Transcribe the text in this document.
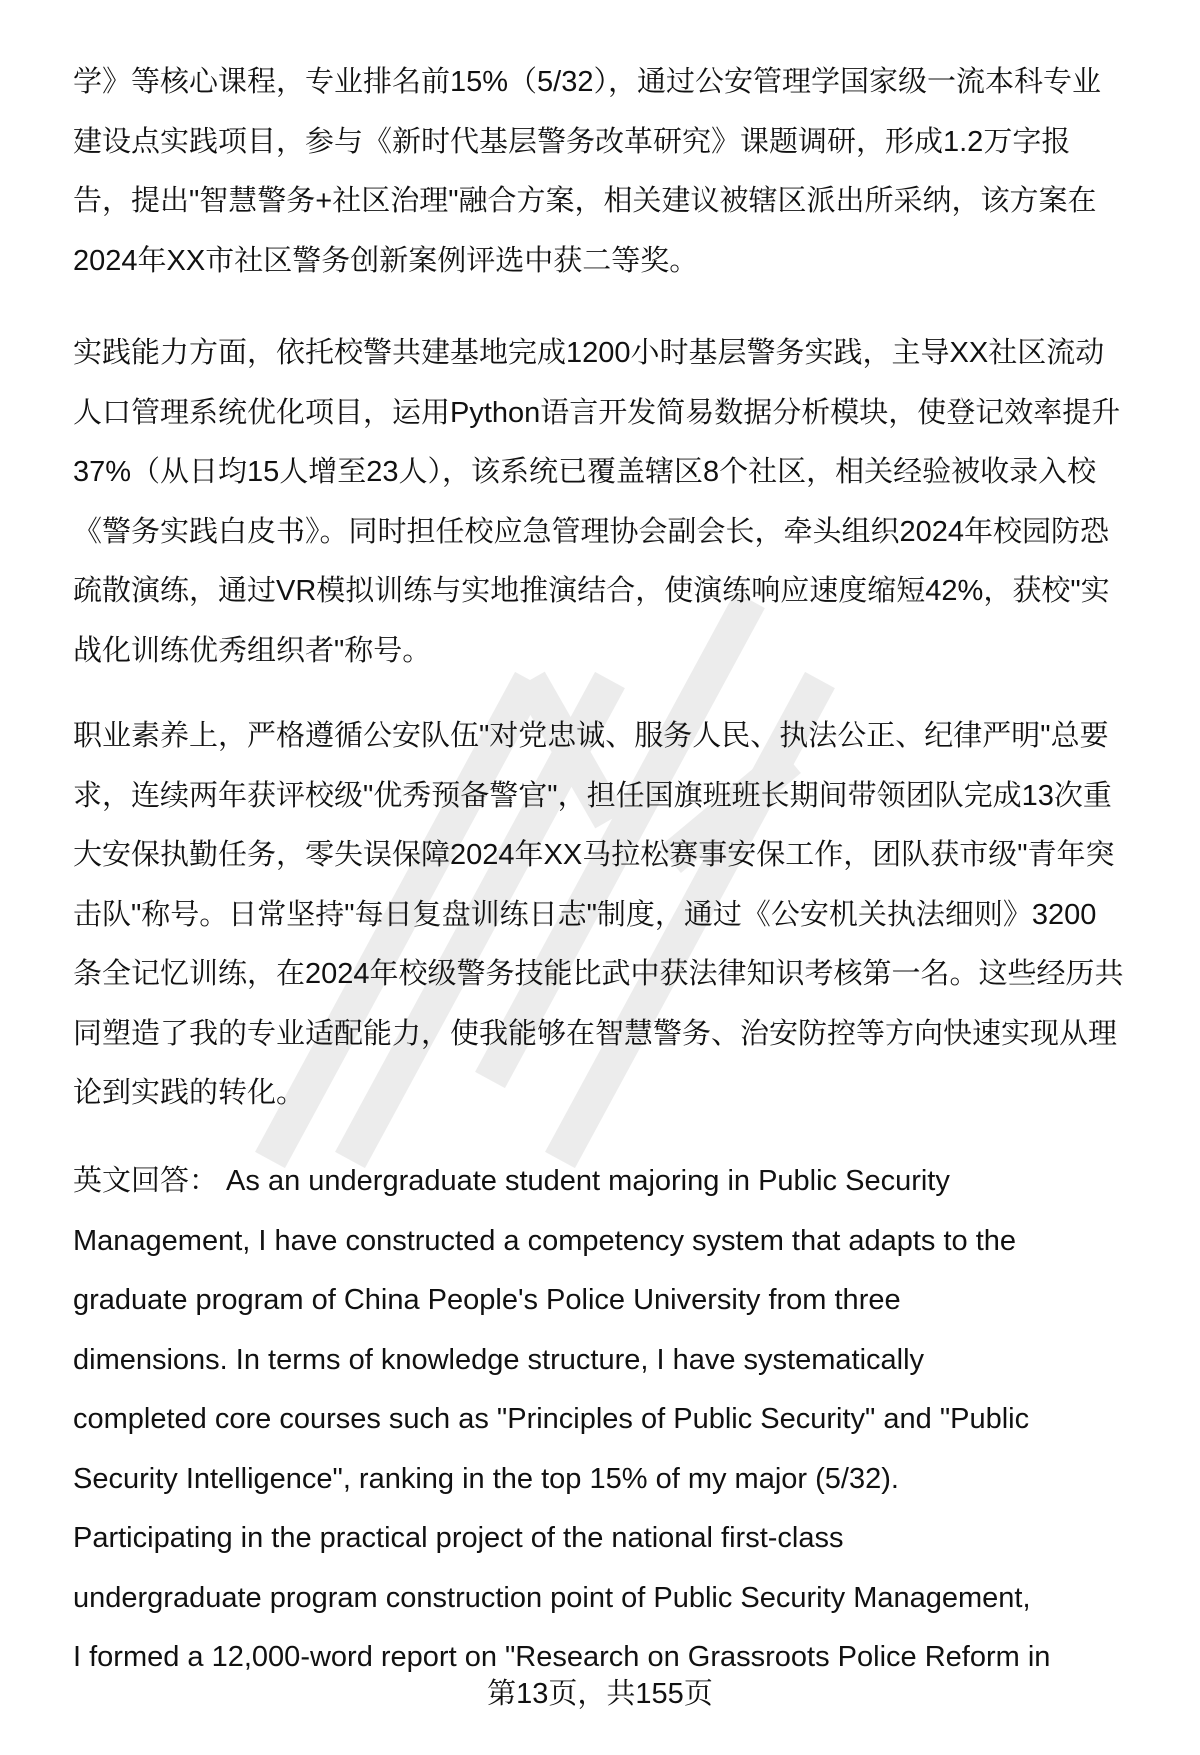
学》等核心课程，专业排名前15%（5/32），通过公安管理学国家级一流本科专业
建设点实践项目，参与《新时代基层警务改革研究》课题调研，形成1.2万字报
告，提出"智慧警务+社区治理"融合方案，相关建议被辖区派出所采纳，该方案在
2024年XX市社区警务创新案例评选中获二等奖。
实践能力方面，依托校警共建基地完成1200小时基层警务实践，主导XX社区流动
人口管理系统优化项目，运用Python语言开发简易数据分析模块，使登记效率提升
37%（从日均15人增至23人），该系统已覆盖辖区8个社区，相关经验被收录入校
《警务实践白皮书》。同时担任校应急管理协会副会长，牵头组织2024年校园防恐
疏散演练，通过VR模拟训练与实地推演结合，使演练响应速度缩短42%，获校"实
战化训练优秀组织者"称号。
职业素养上，严格遵循公安队伍"对党忠诚、服务人民、执法公正、纪律严明"总要
求，连续两年获评校级"优秀预备警官"，担任国旗班班长期间带领团队完成13次重
大安保执勤任务，零失误保障2024年XX马拉松赛事安保工作，团队获市级"青年突
击队"称号。日常坚持"每日复盘训练日志"制度，通过《公安机关执法细则》3200
条全记忆训练，在2024年校级警务技能比武中获法律知识考核第一名。这些经历共
同塑造了我的专业适配能力，使我能够在智慧警务、治安防控等方向快速实现从理
论到实践的转化。
英文回答： As an undergraduate student majoring in Public Security
Management, I have constructed a competency system that adapts to the
graduate program of China People's Police University from three
dimensions. In terms of knowledge structure, I have systematically
completed core courses such as "Principles of Public Security" and "Public
Security Intelligence", ranking in the top 15% of my major (5/32).
Participating in the practical project of the national first-class
undergraduate program construction point of Public Security Management,
I formed a 12,000-word report on "Research on Grassroots Police Reform in
第13页，共155页
